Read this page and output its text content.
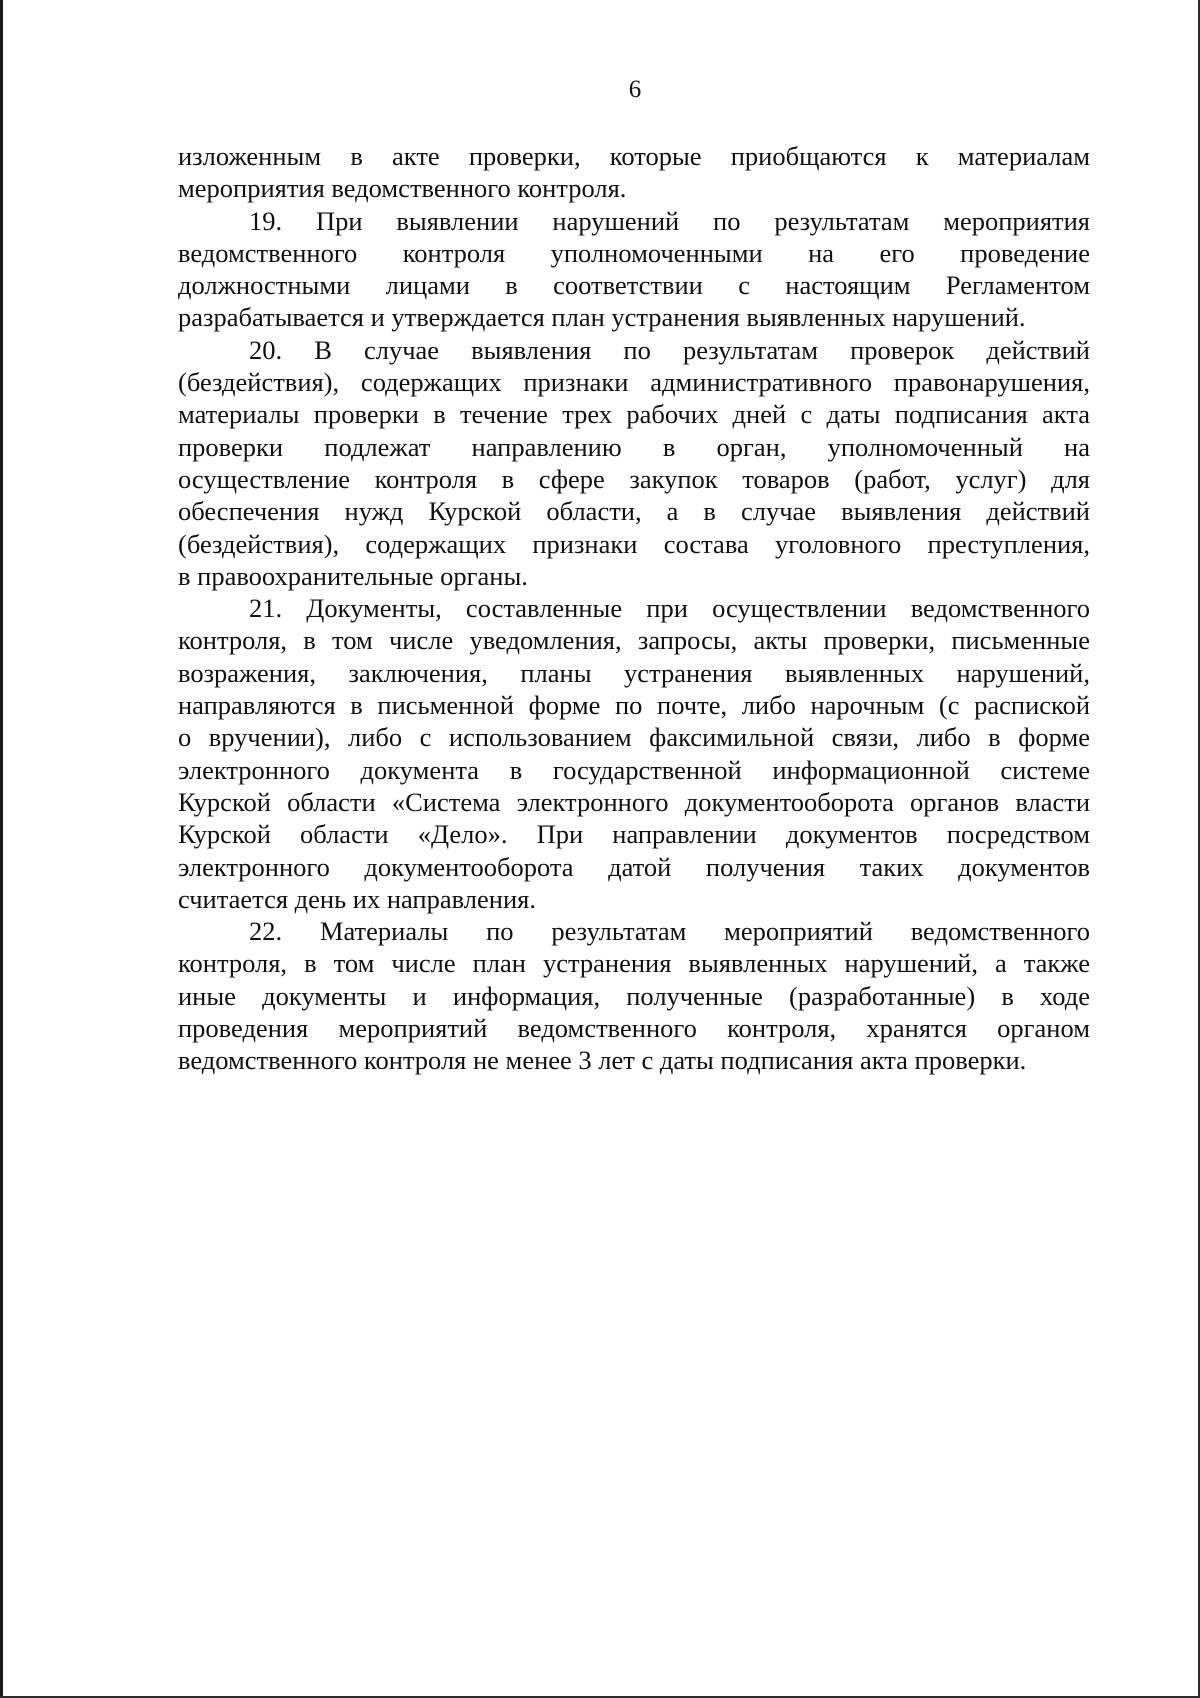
6
изложенным в акте проверки, которые приобщаются к материалам
мероприятия ведомственного контроля.
19. При выявлении нарушений по результатам мероприятия
ведомственного контроля уполномоченными на его проведение
должностными лицами в соответствии с настоящим Регламентом
разрабатывается и утверждается план устранения выявленных нарушений.
20. В случае выявления по результатам проверок действий
(бездействия), содержащих признаки административного правонарушения,
материалы проверки в течение трех рабочих дней с даты подписания акта
проверки подлежат направлению в орган, уполномоченный на
осуществление контроля в сфере закупок товаров (работ, услуг) для
обеспечения нужд Курской области, а в случае выявления действий
(бездействия), содержащих признаки состава уголовного преступления,
в правоохранительные органы.
21. Документы, составленные при осуществлении ведомственного
контроля, в том числе уведомления, запросы, акты проверки, письменные
возражения, заключения, планы устранения выявленных нарушений,
направляются в письменной форме по почте, либо нарочным (с распиской
о вручении), либо с использованием факсимильной связи, либо в форме
электронного документа в государственной информационной системе
Курской области «Система электронного документооборота органов власти
Курской области «Дело». При направлении документов посредством
электронного документооборота датой получения таких документов
считается день их направления.
22. Материалы по результатам мероприятий ведомственного
контроля, в том числе план устранения выявленных нарушений, а также
иные документы и информация, полученные (разработанные) в ходе
проведения мероприятий ведомственного контроля, хранятся органом
ведомственного контроля не менее 3 лет с даты подписания акта проверки.
